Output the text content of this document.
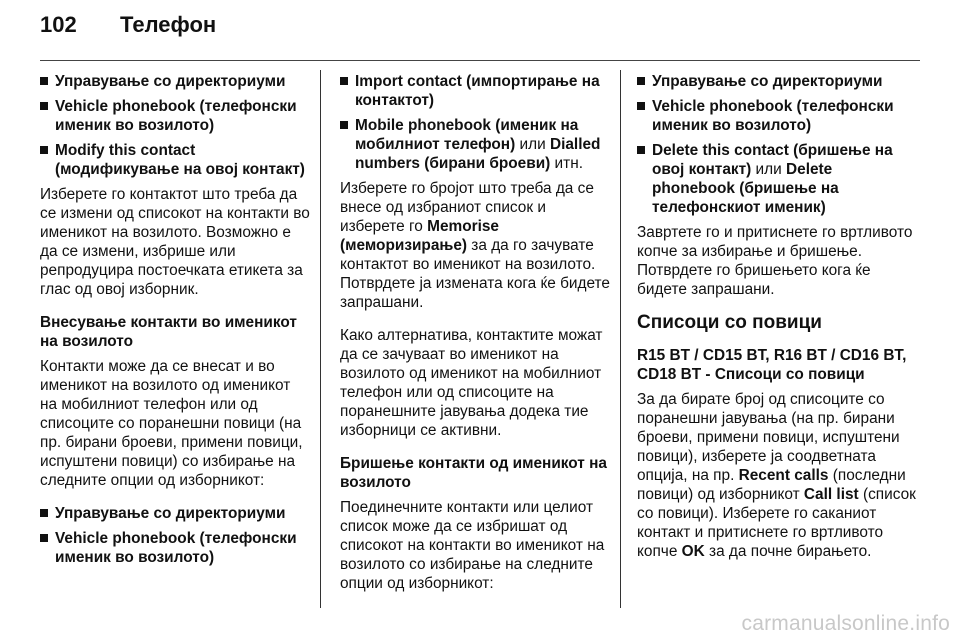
102	Телефон
Управување со директориуми
Vehicle phonebook (телефонски именик во возилото)
Modify this contact (модификување на овој контакт)
Изберете го контактот што треба да се измени од списокот на контакти во именикот на возилото. Возможно е да се измени, избрише или репродуцира постоечката етикета за глас од овој изборник.
Внесување контакти во именикот на возилото
Контакти може да се внесат и во именикот на возилото од именикот на мобилниот телефон или од списоците со поранешни повици (на пр. бирани броеви, примени повици, испуштени повици) со избирање на следните опции од изборникот:
Управување со директориуми
Vehicle phonebook (телефонски именик во возилото)
Import contact (импортирање на контактот)
Mobile phonebook (именик на мобилниот телефон) или Dialled numbers (бирани броеви) итн.
Изберете го бројот што треба да се внесе од избраниот список и изберете го Memorise (меморизирање) за да го зачувате контактот во именикот на возилото. Потврдете ја измената кога ќе бидете запрашани.
Како алтернатива, контактите можат да се зачуваат во именикот на возилото од именикот на мобилниот телефон или од списоците на поранешните јавувања додека тие изборници се активни.
Бришење контакти од именикот на возилото
Поединечните контакти или целиот список може да се избришат од списокот на контакти во именикот на возилото со избирање на следните опции од изборникот:
Управување со директориуми
Vehicle phonebook (телефонски именик во возилото)
Delete this contact (бришење на овој контакт) или Delete phonebook (бришење на телефонскиот именик)
Завртете го и притиснете го вртливото копче за избирање и бришење. Потврдете го бришењето кога ќе бидете запрашани.
Списоци со повици
R15 BT / CD15 BT, R16 BT / CD16 BT, CD18 BT - Списоци со повици
За да бирате број од списоците со поранешни јавувања (на пр. бирани броеви, примени повици, испуштени повици), изберете ја соодветната опција, на пр. Recent calls (последни повици) од изборникот Call list (список со повици). Изберете го саканиот контакт и притиснете го вртливото копче OK за да почне бирањето.
carmanualsonline.info
